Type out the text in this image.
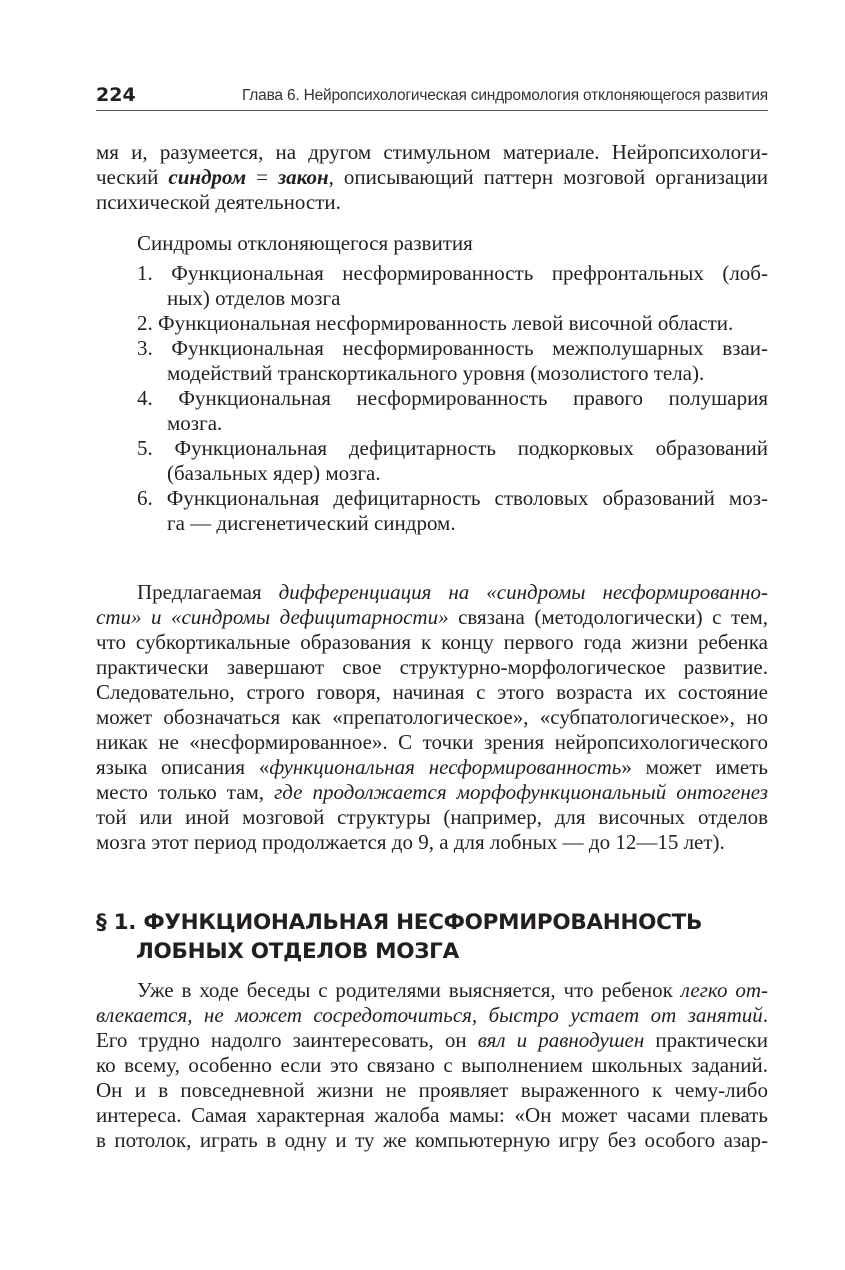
224	Глава 6. Нейропсихологическая синдромология отклоняющегося развития
мя и, разумеется, на другом стимульном материале. Нейропсихологи-
ческий синдром = закон, описывающий паттерн мозговой организации
психической деятельности.
Синдромы отклоняющегося развития
1. Функциональная несформированность префронтальных (лоб-
ных) отделов мозга
2. Функциональная несформированность левой височной области.
3. Функциональная несформированность межполушарных взаи-
модействий транскортикального уровня (мозолистого тела).
4. Функциональная несформированность правого полушария
мозга.
5. Функциональная дефицитарность подкорковых образований
(базальных ядер) мозга.
6. Функциональная дефицитарность стволовых образований моз-
га — дисгенетический синдром.
Предлагаемая дифференциация на «синдромы несформированно-
сти» и «синдромы дефицитарности» связана (методологически) с тем,
что субкортикальные образования к концу первого года жизни ребенка
практически завершают свое структурно-морфологическое развитие.
Следовательно, строго говоря, начиная с этого возраста их состояние
может обозначаться как «препатологическое», «субпатологическое», но
никак не «несформированное». С точки зрения нейропсихологического
языка описания «функциональная несформированность» может иметь
место только там, где продолжается морфофункциональный онтогенез
той или иной мозговой структуры (например, для височных отделов
мозга этот период продолжается до 9, а для лобных — до 12—15 лет).
§ 1. ФУНКЦИОНАЛЬНАЯ НЕСФОРМИРОВАННОСТЬ
ЛОБНЫХ ОТДЕЛОВ МОЗГА
Уже в ходе беседы с родителями выясняется, что ребенок легко от-
влекается, не может сосредоточиться, быстро устает от занятий.
Его трудно надолго заинтересовать, он вял и равнодушен практически
ко всему, особенно если это связано с выполнением школьных заданий.
Он и в повседневной жизни не проявляет выраженного к чему-либо
интереса. Самая характерная жалоба мамы: «Он может часами плевать
в потолок, играть в одну и ту же компьютерную игру без особого азар-
